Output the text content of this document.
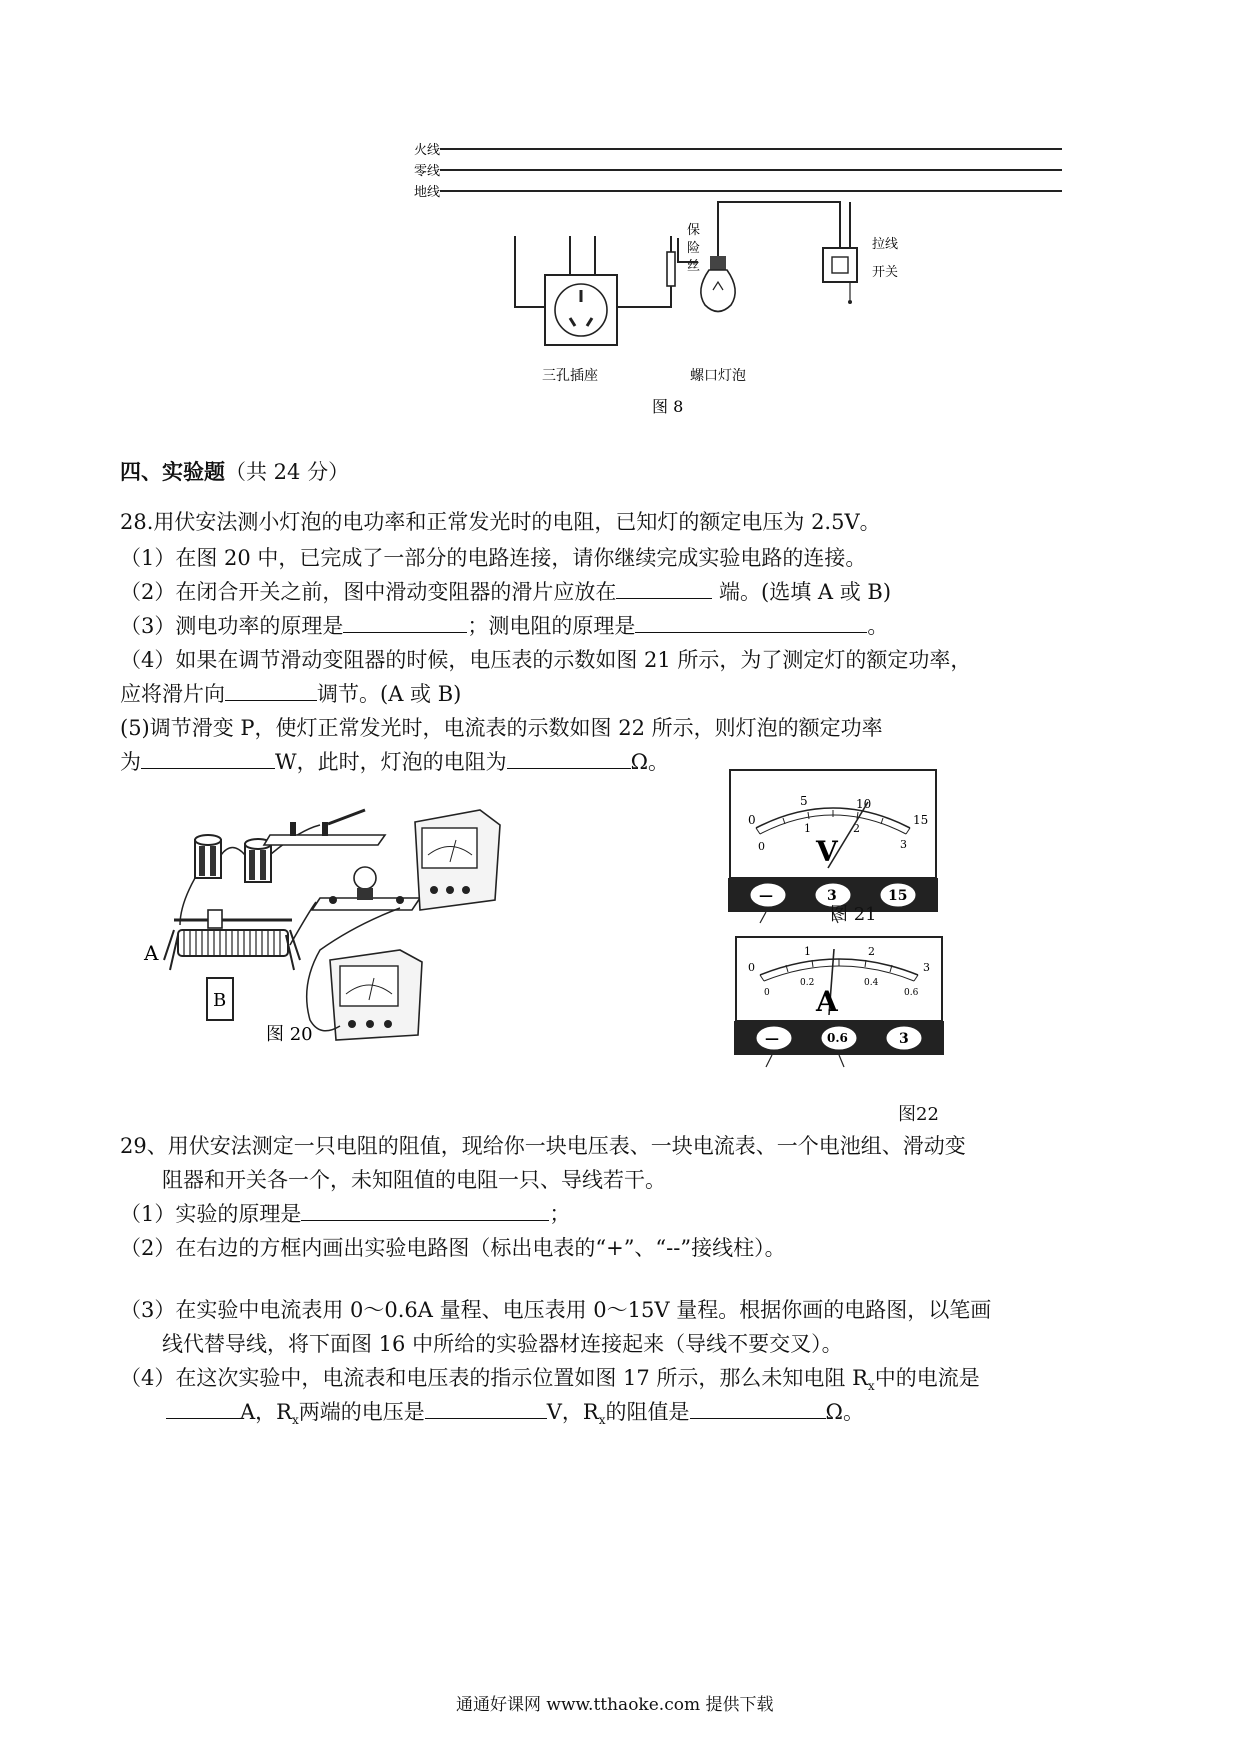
火线
零线
地线
保
险
丝
拉线
开关
三孔插座	螺口灯泡
图 8
四、实验题（共 24 分）
28.用伏安法测小灯泡的电功率和正常发光时的电阻，已知灯的额定电压为 2.5V。
（1）在图 20 中，已完成了一部分的电路连接，请你继续完成实验电路的连接。
（2）在闭合开关之前，图中滑动变阻器的滑片应放在	端。(选填 A 或 B)
（3）测电功率的原理是	；测电阻的原理是	。
（4）如果在调节滑动变阻器的时候，电压表的示数如图 21 所示，为了测定灯的额定功率，
应将滑片向	调节。(A 或 B)
(5)调节滑变 P，使灯正常发光时，电流表的示数如图 22 所示，则灯泡的额定功率
为	W，此时，灯泡的电阻为	Ω。
A
B
图 20
0
5	10
15
0
1	2
3
V
—	3	15
图 21
0
1	2
3
0
0.2	0.4
0.6
A
—	0.6	3
图22
29、用伏安法测定一只电阻的阻值，现给你一块电压表、一块电流表、一个电池组、滑动变
阻器和开关各一个，未知阻值的电阻一只、导线若干。
（1）实验的原理是	；
（2）在右边的方框内画出实验电路图（标出电表的“+”、“--”接线柱）。
（3）在实验中电流表用 0～0.6A 量程、电压表用 0～15V 量程。根据你画的电路图，以笔画
线代替导线，将下面图 16 中所给的实验器材连接起来（导线不要交叉）。
（4）在这次实验中，电流表和电压表的指示位置如图 17 所示，那么未知电阻 $R_x$中的电流是
A，$R_x$两端的电压是	V，$R_x$的阻值是	Ω。
通通好课网 www.tthaoke.com 提供下载
